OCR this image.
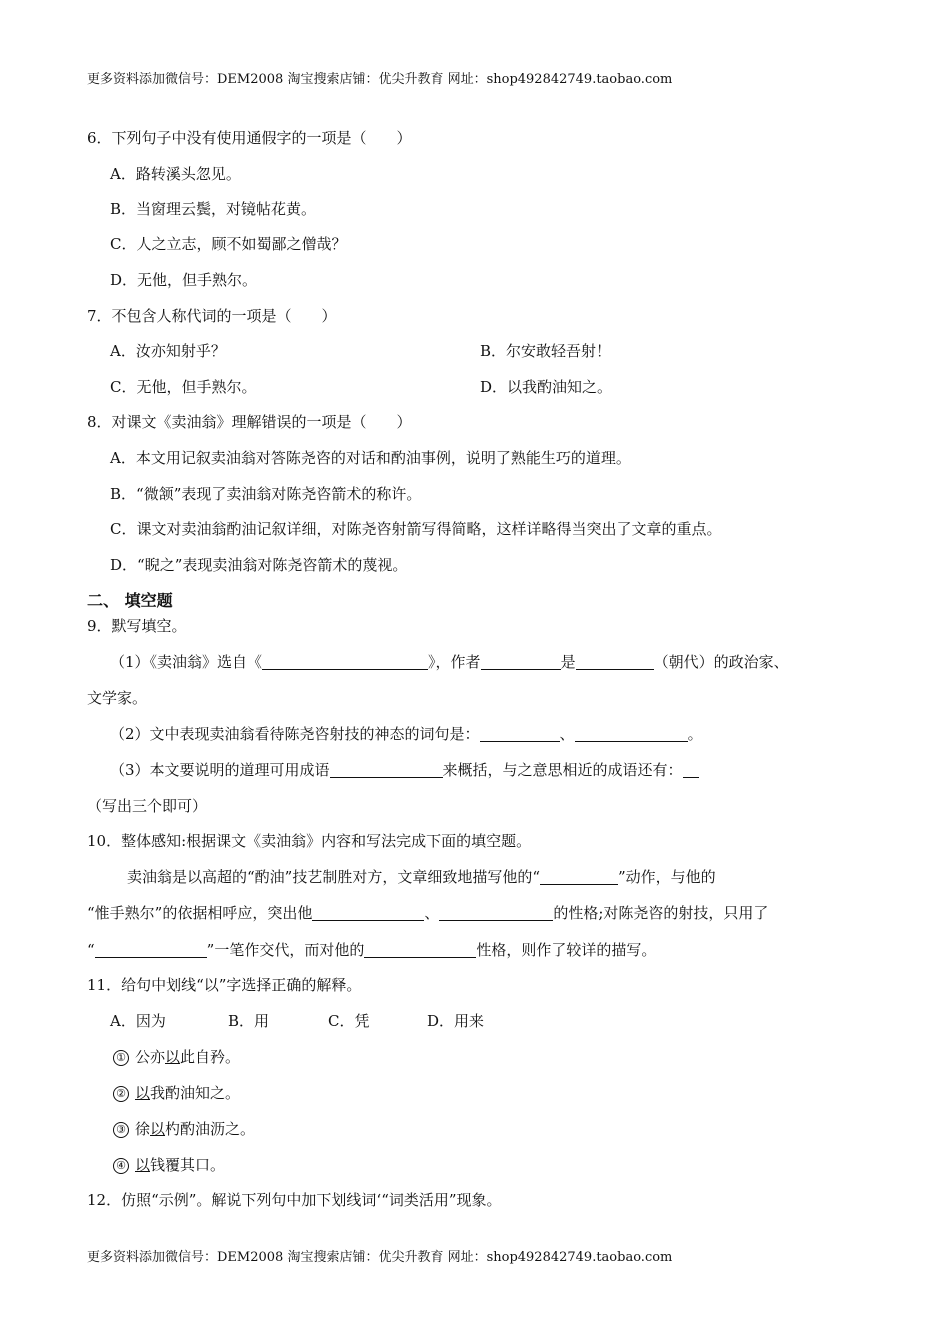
更多资料添加微信号：DEM2008 淘宝搜索店铺：优尖升教育 网址：shop492842749.taobao.com
6．下列句子中没有使用通假字的一项是（　　）
A．路转溪头忽见。
B．当窗理云鬓，对镜帖花黄。
C．人之立志，顾不如蜀鄙之僧哉？
D．无他，但手熟尔。
7．不包含人称代词的一项是（　　）
A．汝亦知射乎？	B．尔安敢轻吾射！
C．无他，但手熟尔。	D．以我酌油知之。
8．对课文《卖油翁》理解错误的一项是（　　）
A．本文用记叙卖油翁对答陈尧咨的对话和酌油事例，说明了熟能生巧的道理。
B．“微颔”表现了卖油翁对陈尧咨箭术的称许。
C．课文对卖油翁酌油记叙详细，对陈尧咨射箭写得简略，这样详略得当突出了文章的重点。
D．“睨之”表现卖油翁对陈尧咨箭术的蔑视。
二、 填空题
9．默写填空。
（1）《卖油翁》选自《	》，作者	是	（朝代）的政治家、
文学家。
（2）文中表现卖油翁看待陈尧咨射技的神态的词句是：	、	。
（3）本文要说明的道理可用成语	来概括，与之意思相近的成语还有：
（写出三个即可）
10．整体感知:根据课文《卖油翁》内容和写法完成下面的填空题。
卖油翁是以高超的“酌油”技艺制胜对方，文章细致地描写他的“	”动作，与他的
“惟手熟尔”的依据相呼应，突出他	、	的性格;对陈尧咨的射技，只用了
“	”一笔作交代，而对他的	性格，则作了较详的描写。
11．给句中划线“以”字选择正确的解释。
A．因为	B．用	C．凭	D．用来
① 公亦以此自矜。
② 以我酌油知之。
③ 徐以杓酌油沥之。
④ 以钱覆其口。
12．仿照“示例”。解说下列句中加下划线词‘“词类活用”现象。
更多资料添加微信号：DEM2008 淘宝搜索店铺：优尖升教育 网址：shop492842749.taobao.com
